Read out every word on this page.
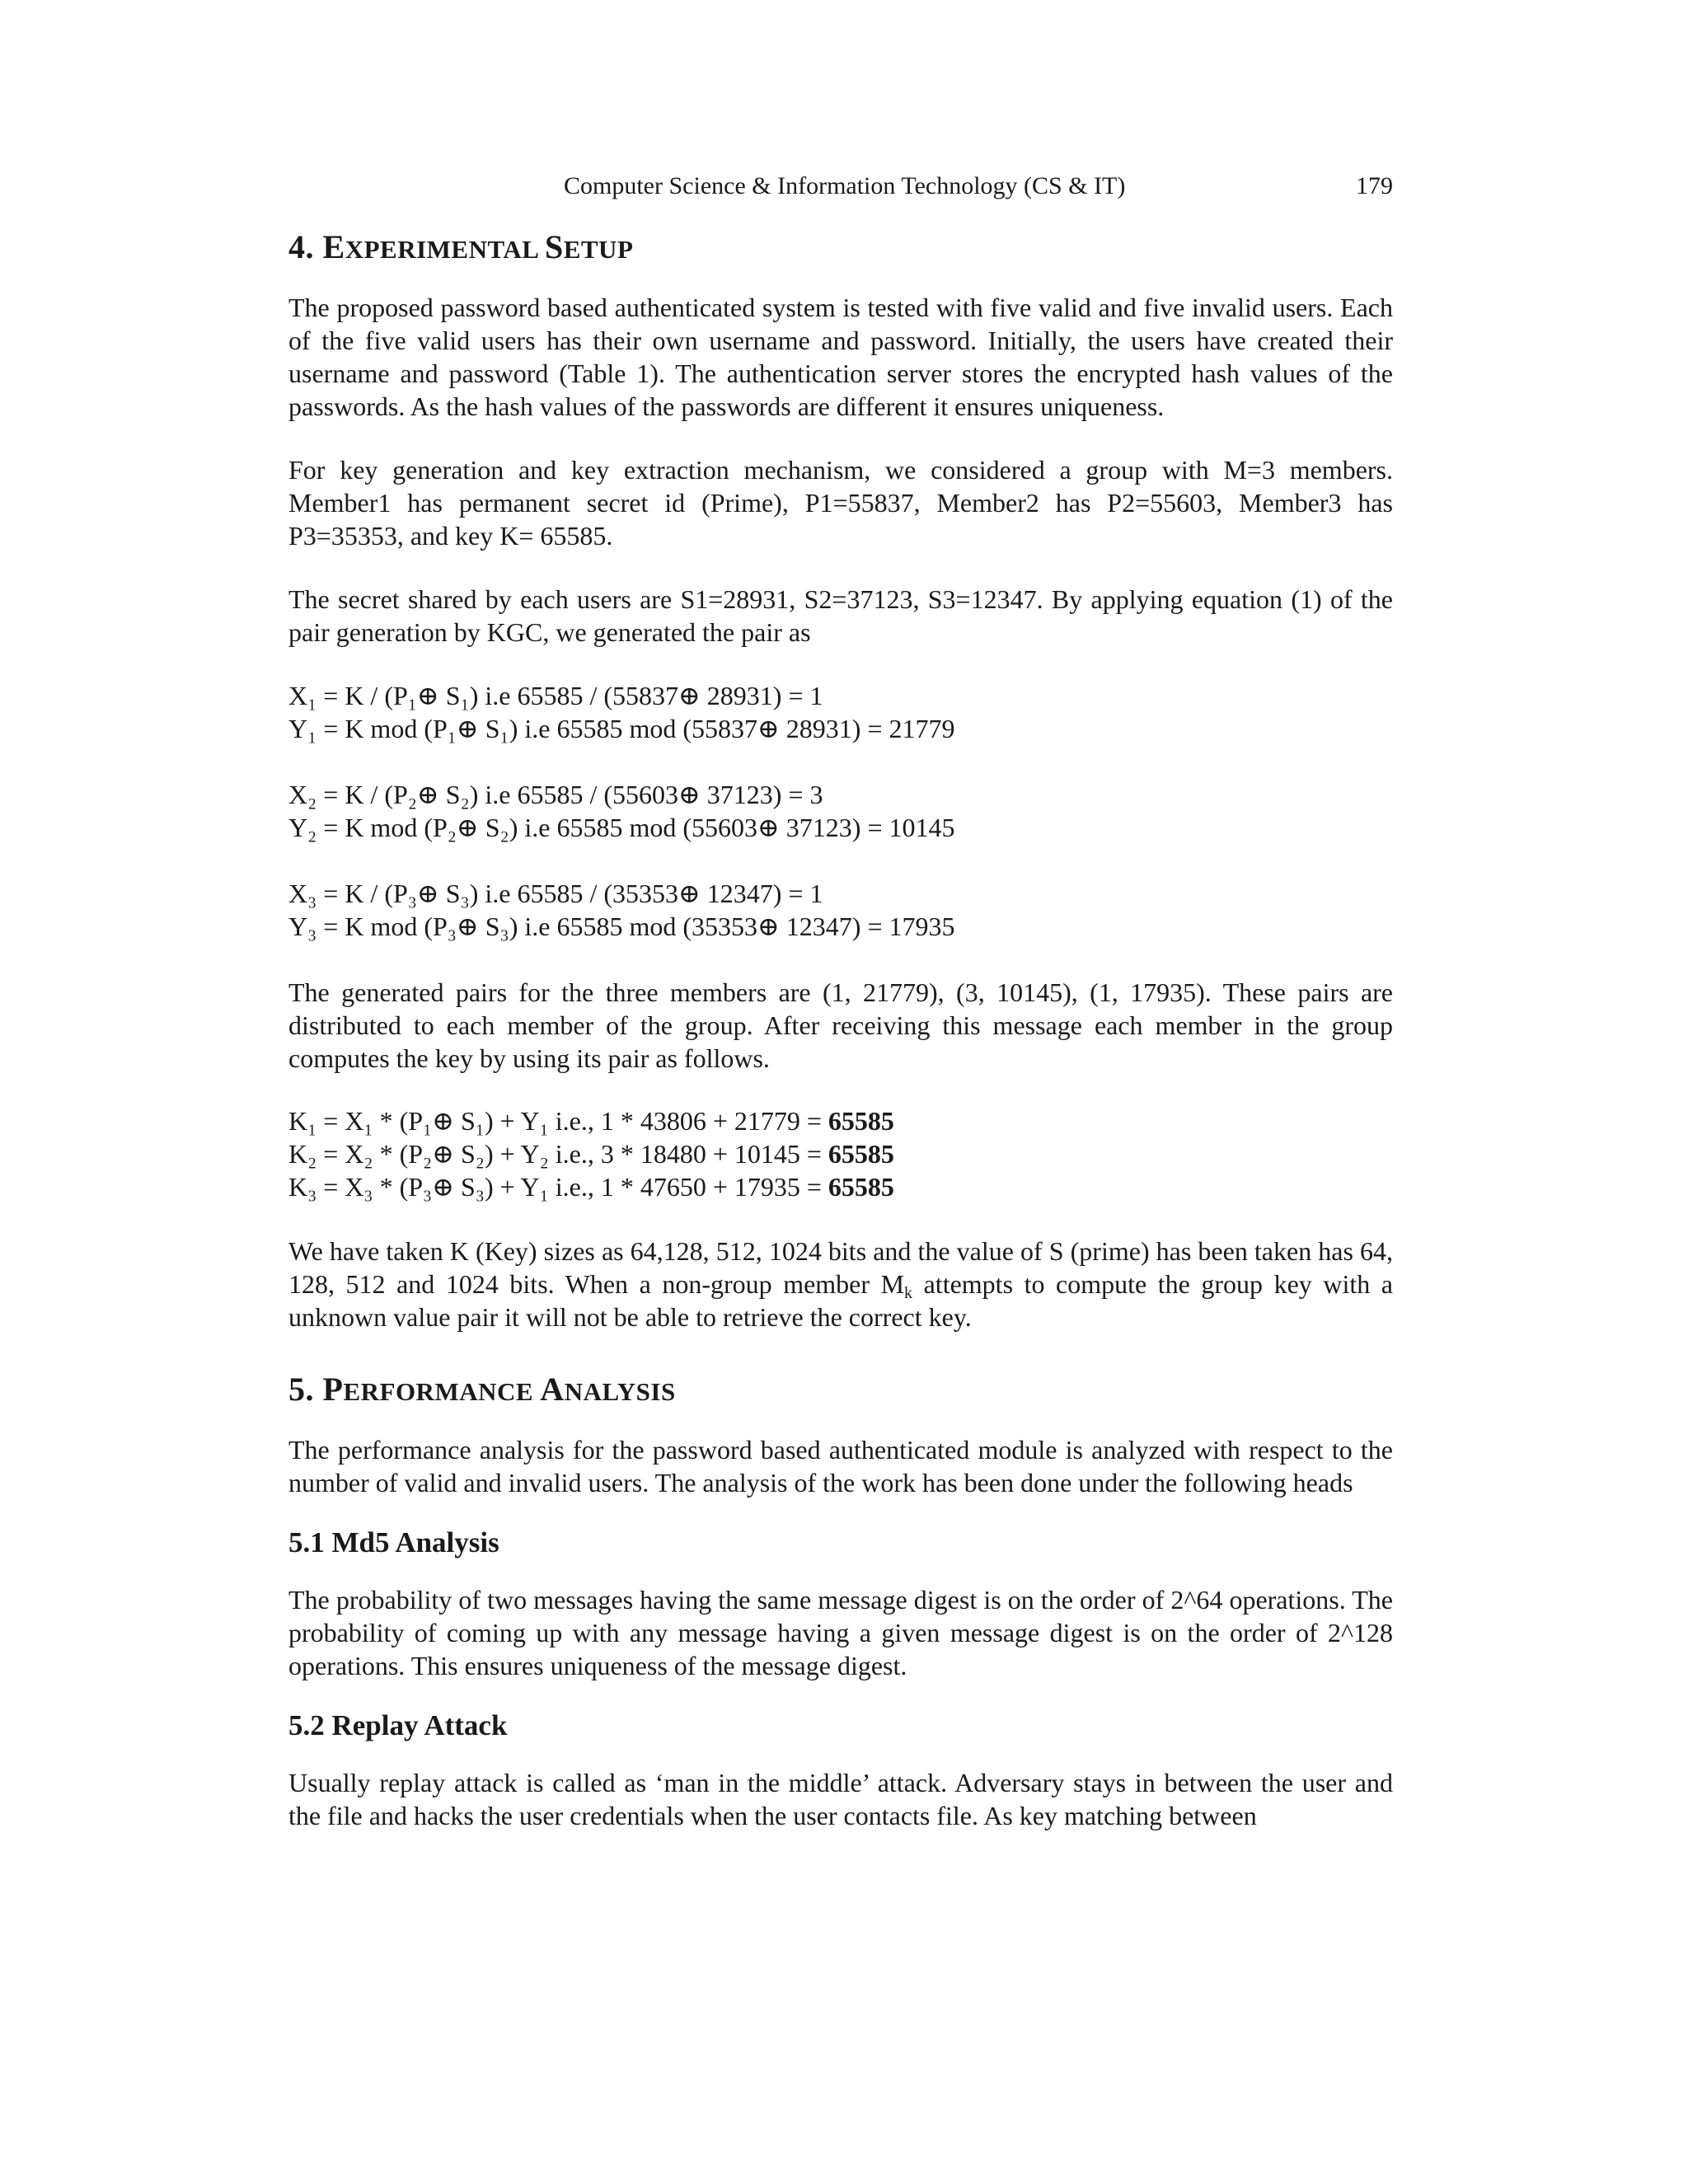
Computer Science & Information Technology (CS & IT)	179
4. EXPERIMENTAL SETUP

The proposed password based authenticated system is tested with five valid and five invalid users. Each of the five valid users has their own username and password. Initially, the users have created their username and password (Table 1). The authentication server stores the encrypted hash values of the passwords. As the hash values of the passwords are different it ensures uniqueness.

For key generation and key extraction mechanism, we considered a group with M=3 members. Member1 has permanent secret id (Prime), P1=55837, Member2 has P2=55603, Member3 has P3=35353, and key K= 65585.

The secret shared by each users are S1=28931, S2=37123, S3=12347. By applying equation (1) of the pair generation by KGC, we generated the pair as

X₁ = K / (P₁⊕ S₁) i.e 65585 / (55837⊕ 28931) = 1
Y₁ = K mod (P₁⊕ S₁) i.e 65585 mod (55837⊕ 28931) = 21779
X₂ = K / (P₂⊕ S₂) i.e 65585 / (55603⊕ 37123) = 3
Y₂ = K mod (P₂⊕ S₂) i.e 65585 mod (55603⊕ 37123) = 10145
X₃ = K / (P₃⊕ S₃) i.e 65585 / (35353⊕ 12347) = 1
Y₃ = K mod (P₃⊕ S₃) i.e 65585 mod (35353⊕ 12347) = 17935

The generated pairs for the three members are (1, 21779), (3, 10145), (1, 17935). These pairs are distributed to each member of the group. After receiving this message each member in the group computes the key by using its pair as follows.

K₁ = X₁ * (P₁⊕ S₁) + Y₁ i.e., 1 * 43806 + 21779 = 65585
K₂ = X₂ * (P₂⊕ S₂) + Y₂ i.e., 3 * 18480 + 10145 = 65585
K₃ = X₃ * (P₃⊕ S₃) + Y₁ i.e., 1 * 47650 + 17935 = 65585

We have taken K (Key) sizes as 64,128, 512, 1024 bits and the value of S (prime) has been taken has 64, 128, 512 and 1024 bits. When a non-group member $M_k$ attempts to compute the group key with a unknown value pair it will not be able to retrieve the correct key.

5. PERFORMANCE ANALYSIS

The performance analysis for the password based authenticated module is analyzed with respect to the number of valid and invalid users. The analysis of the work has been done under the following heads

5.1 Md5 Analysis

The probability of two messages having the same message digest is on the order of 2^64 operations. The probability of coming up with any message having a given message digest is on the order of 2^128 operations. This ensures uniqueness of the message digest.

5.2 Replay Attack

Usually replay attack is called as ‘man in the middle’ attack. Adversary stays in between the user and the file and hacks the user credentials when the user contacts file. As key matching between
